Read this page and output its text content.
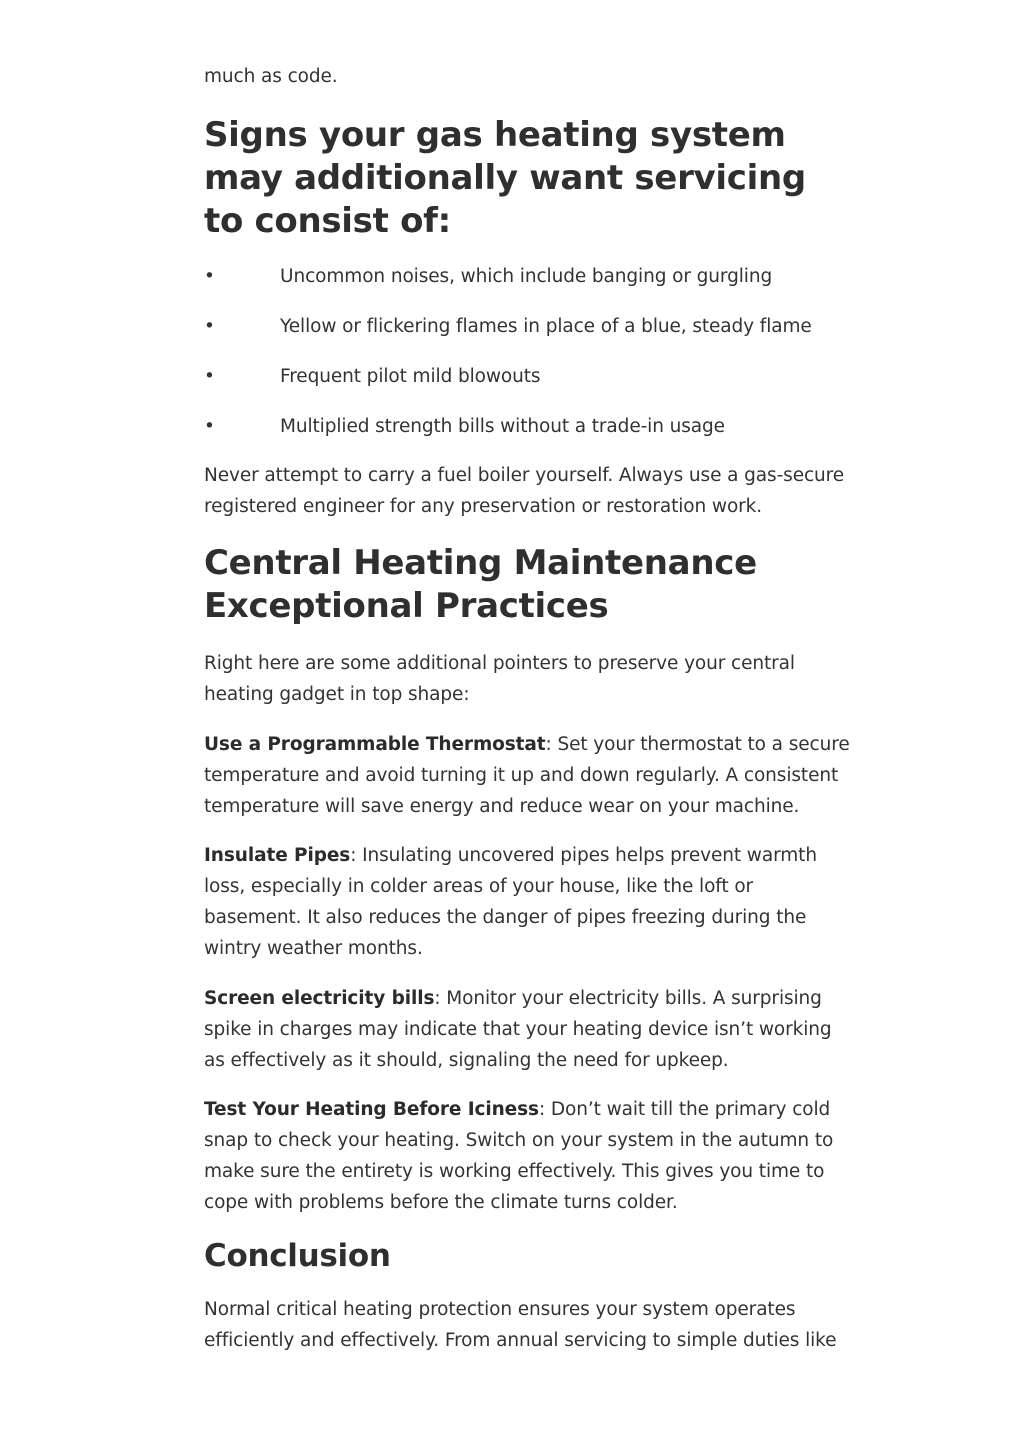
much as code.

Signs your gas heating system may additionally want servicing to consist of:
•	Uncommon noises, which include banging or gurgling
•	Yellow or flickering flames in place of a blue, steady flame
•	Frequent pilot mild blowouts
•	Multiplied strength bills without a trade-in usage

Never attempt to carry a fuel boiler yourself. Always use a gas-secure registered engineer for any preservation or restoration work.

Central Heating Maintenance Exceptional Practices

Right here are some additional pointers to preserve your central heating gadget in top shape:

Use a Programmable Thermostat: Set your thermostat to a secure temperature and avoid turning it up and down regularly. A consistent temperature will save energy and reduce wear on your machine.

Insulate Pipes: Insulating uncovered pipes helps prevent warmth loss, especially in colder areas of your house, like the loft or basement. It also reduces the danger of pipes freezing during the wintry weather months.

Screen electricity bills: Monitor your electricity bills. A surprising spike in charges may indicate that your heating device isn’t working as effectively as it should, signaling the need for upkeep.

Test Your Heating Before Iciness: Don’t wait till the primary cold snap to check your heating. Switch on your system in the autumn to make sure the entirety is working effectively. This gives you time to cope with problems before the climate turns colder.

Conclusion

Normal critical heating protection ensures your system operates efficiently and effectively. From annual servicing to simple duties like
